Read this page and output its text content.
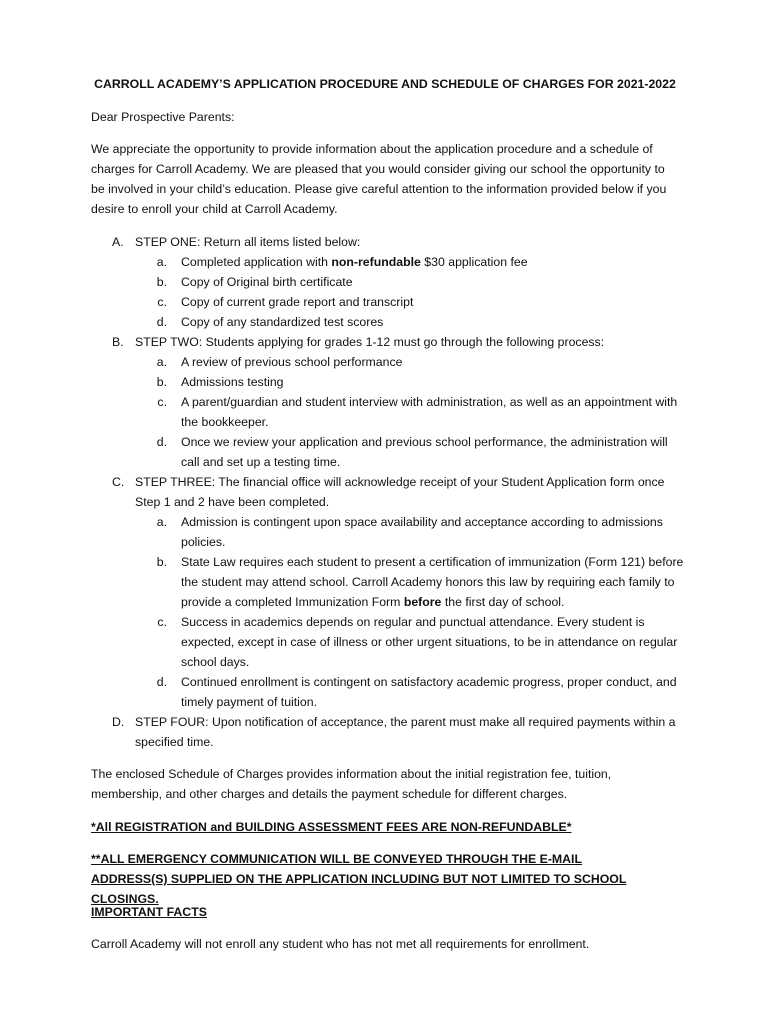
CARROLL ACADEMY’S APPLICATION PROCEDURE AND SCHEDULE OF CHARGES FOR 2021-2022
Dear Prospective Parents:
We appreciate the opportunity to provide information about the application procedure and a schedule of charges for Carroll Academy. We are pleased that you would consider giving our school the opportunity to be involved in your child’s education. Please give careful attention to the information provided below if you desire to enroll your child at Carroll Academy.
A. STEP ONE: Return all items listed below:
a.	Completed application with non-refundable $30 application fee
b.	Copy of Original birth certificate
c.	Copy of current grade report and transcript
d.	Copy of any standardized test scores
B. STEP TWO: Students applying for grades 1-12 must go through the following process:
a.	A review of previous school performance
b.	Admissions testing
c.	A parent/guardian and student interview with administration, as well as an appointment with the bookkeeper.
d.	Once we review your application and previous school performance, the administration will call and set up a testing time.
C. STEP THREE: The financial office will acknowledge receipt of your Student Application form once Step 1 and 2 have been completed.
a.	Admission is contingent upon space availability and acceptance according to admissions policies.
b.	State Law requires each student to present a certification of immunization (Form 121) before the student may attend school. Carroll Academy honors this law by requiring each family to provide a completed Immunization Form before the first day of school.
c.	Success in academics depends on regular and punctual attendance. Every student is expected, except in case of illness or other urgent situations, to be in attendance on regular school days.
d.	Continued enrollment is contingent on satisfactory academic progress, proper conduct, and timely payment of tuition.
D. STEP FOUR: Upon notification of acceptance, the parent must make all required payments within a specified time.
The enclosed Schedule of Charges provides information about the initial registration fee, tuition, membership, and other charges and details the payment schedule for different charges.
*All REGISTRATION and BUILDING ASSESSMENT FEES ARE NON-REFUNDABLE*
**ALL EMERGENCY COMMUNICATION WILL BE CONVEYED THROUGH THE E-MAIL ADDRESS(S) SUPPLIED ON THE APPLICATION INCLUDING BUT NOT LIMITED TO SCHOOL CLOSINGS.
IMPORTANT FACTS
Carroll Academy will not enroll any student who has not met all requirements for enrollment.
